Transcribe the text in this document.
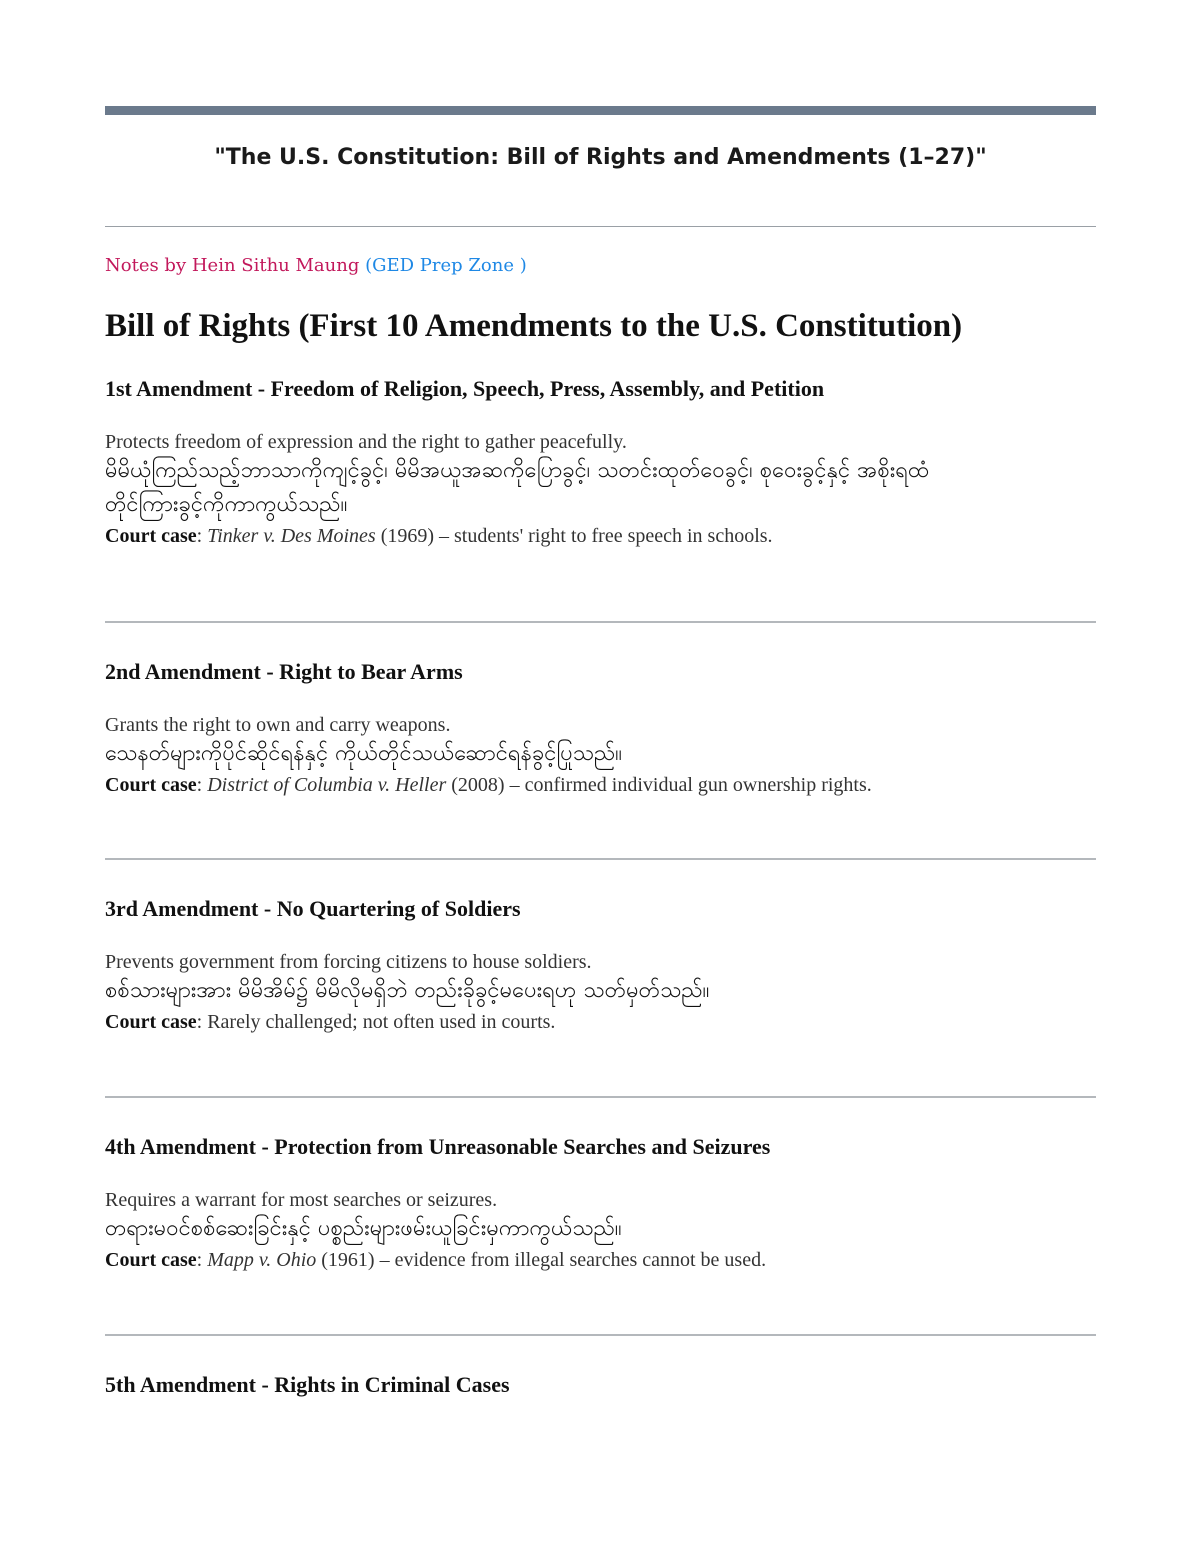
"The U.S. Constitution: Bill of Rights and Amendments (1–27)"
Notes by Hein Sithu Maung (GED Prep Zone )
Bill of Rights (First 10 Amendments to the U.S. Constitution)
1st Amendment - Freedom of Religion, Speech, Press, Assembly, and Petition
Protects freedom of expression and the right to gather peacefully.
မိမိယုံကြည်သည့်ဘာသာကိုကျင့်ခွင့်၊ မိမိအယူအဆကိုပြောခွင့်၊ သတင်းထုတ်ဝေခွင့်၊ စုဝေးခွင့်နှင့် အစိုးရထံတိုင်ကြားခွင့်ကိုကာကွယ်သည်။
Court case: Tinker v. Des Moines (1969) – students' right to free speech in schools.
2nd Amendment - Right to Bear Arms
Grants the right to own and carry weapons.
သေနတ်များကိုပိုင်ဆိုင်ရန်နှင့် ကိုယ်တိုင်သယ်ဆောင်ရန်ခွင့်ပြုသည်။
Court case: District of Columbia v. Heller (2008) – confirmed individual gun ownership rights.
3rd Amendment - No Quartering of Soldiers
Prevents government from forcing citizens to house soldiers.
စစ်သားများအား မိမိအိမ်၌ မိမိလိုမရှိဘဲ တည်းခိုခွင့်မပေးရဟု သတ်မှတ်သည်။
Court case: Rarely challenged; not often used in courts.
4th Amendment - Protection from Unreasonable Searches and Seizures
Requires a warrant for most searches or seizures.
တရားမဝင်စစ်ဆေးခြင်းနှင့် ပစ္စည်းများဖမ်းယူခြင်းမှကာကွယ်သည်။
Court case: Mapp v. Ohio (1961) – evidence from illegal searches cannot be used.
5th Amendment - Rights in Criminal Cases
